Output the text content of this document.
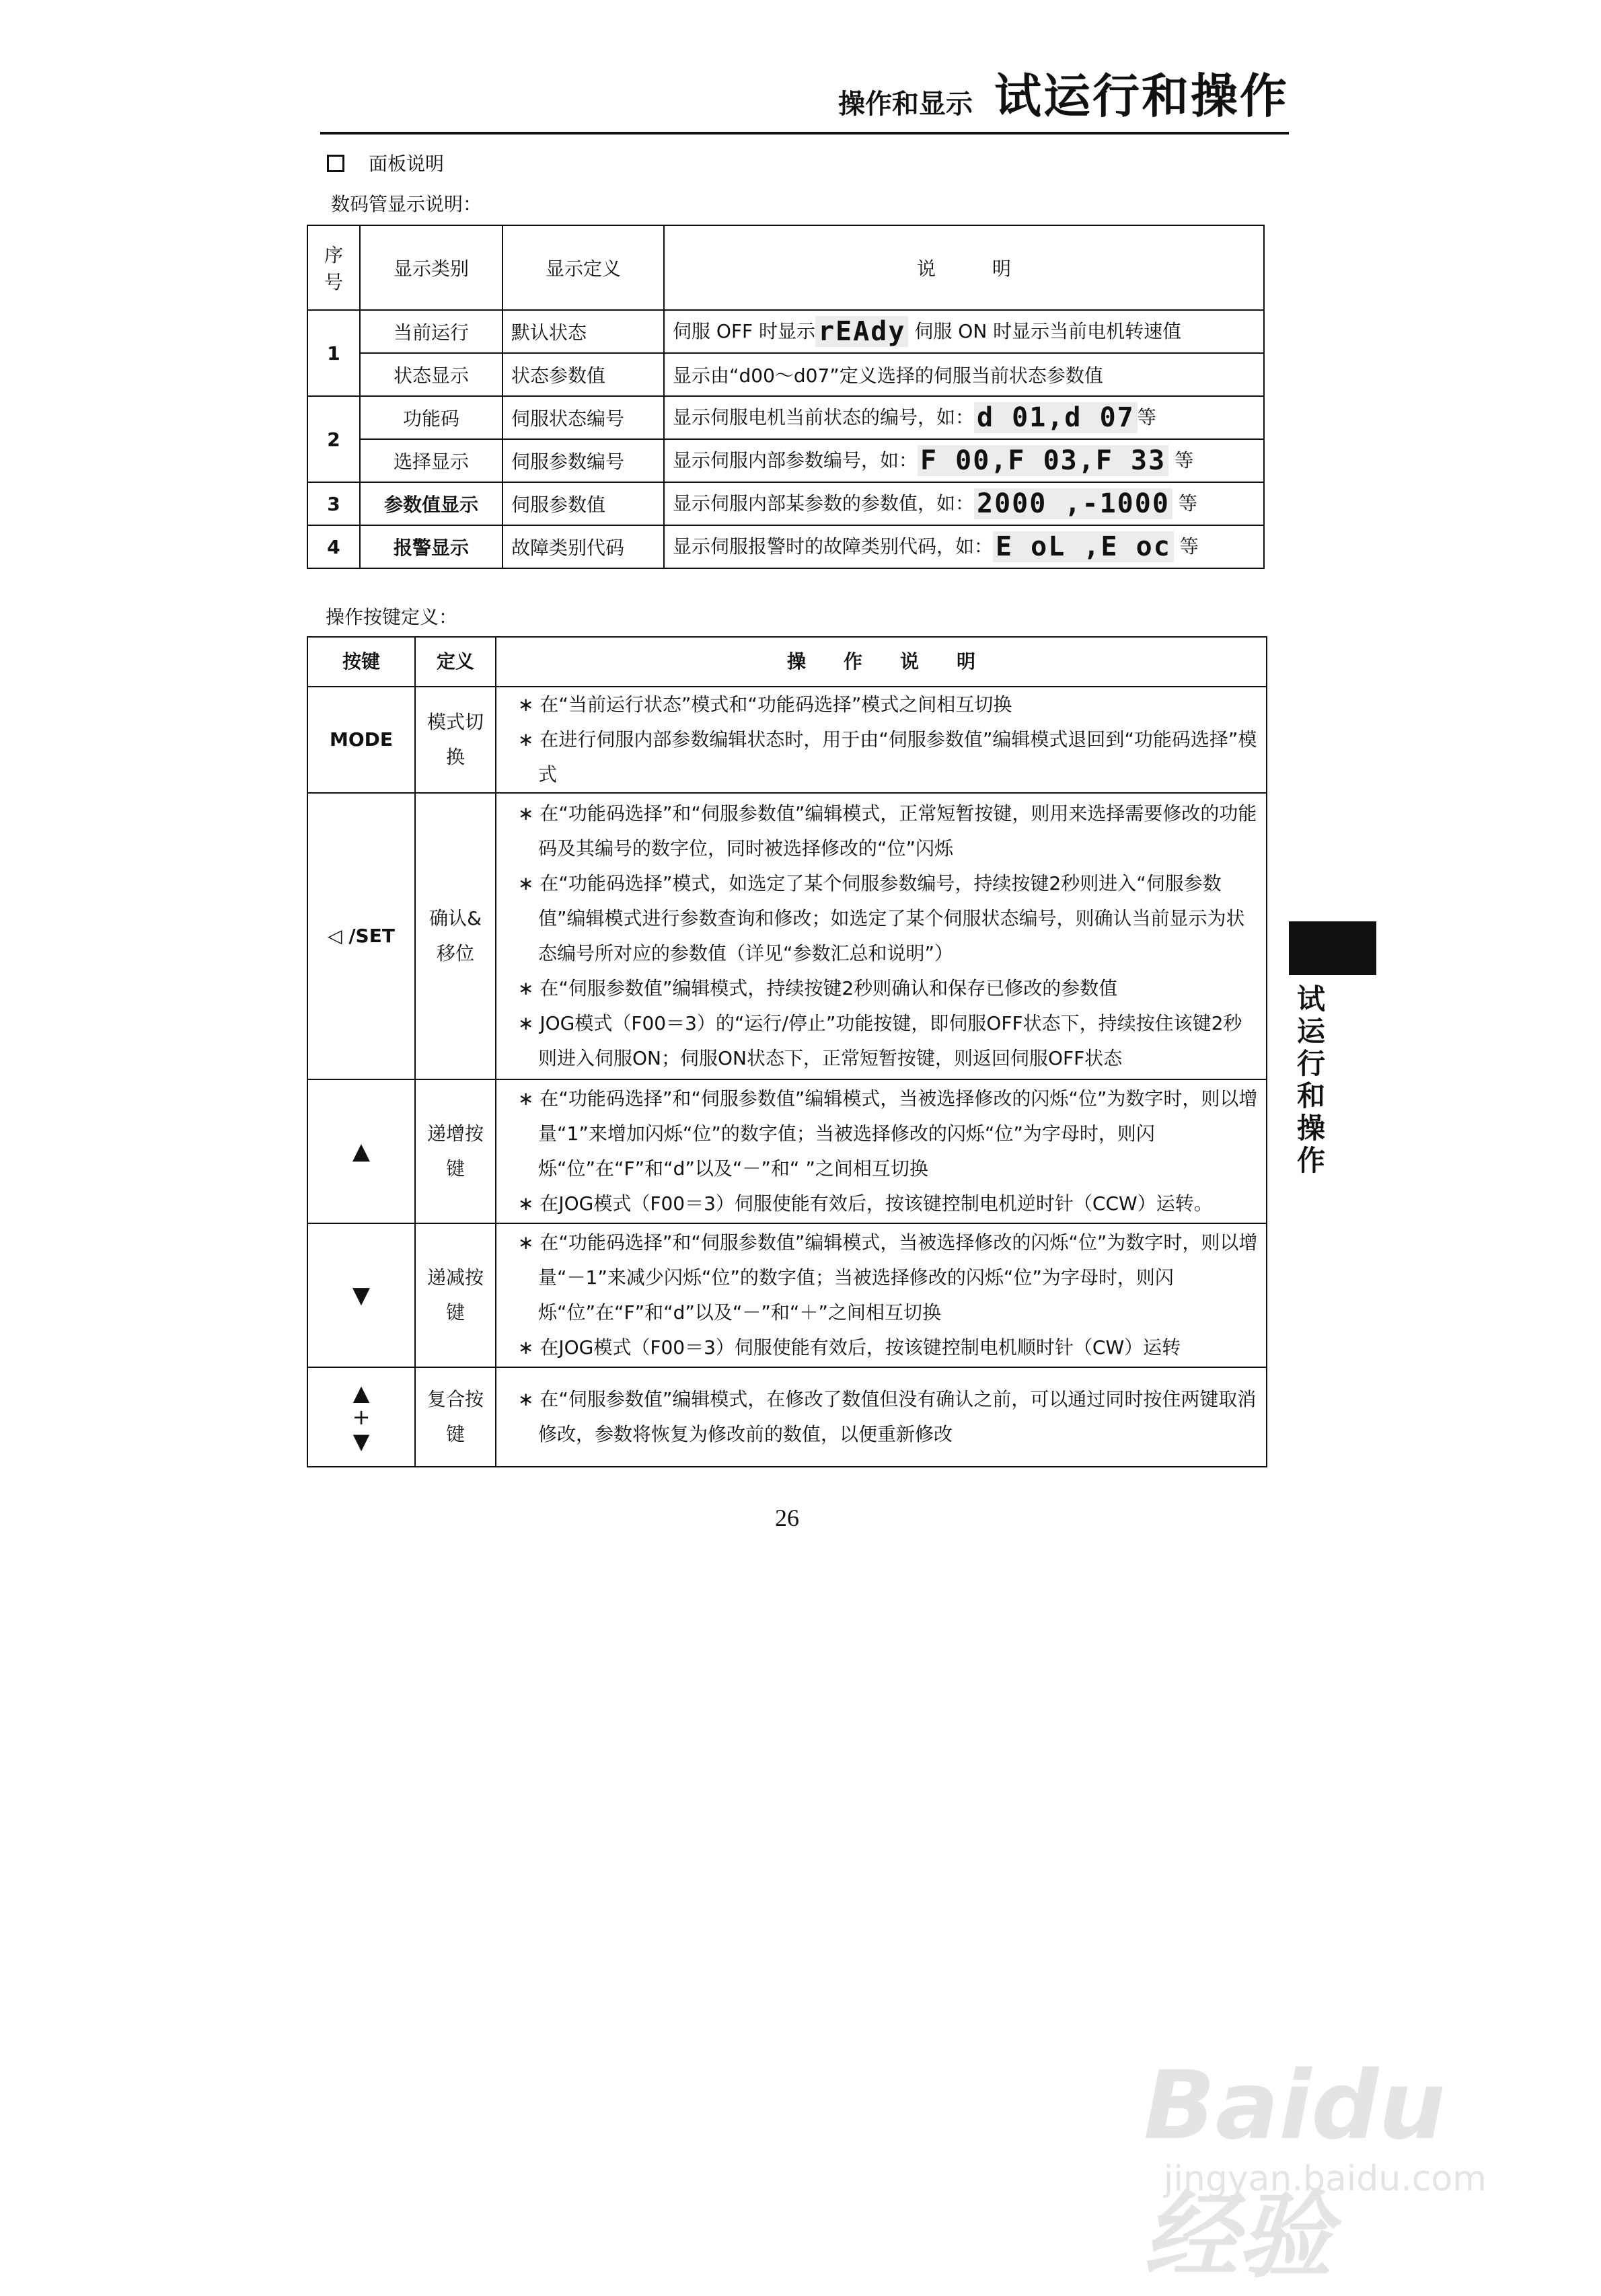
操作和显示 试运行和操作
面板说明
数码管显示说明：
序号	显示类别	显示定义	说　　　明
1	当前运行	默认状态	伺服 OFF 时显示 rEAdy 伺服 ON 时显示当前电机转速值
	状态显示	状态参数值	显示由“d00～d07”定义选择的伺服当前状态参数值
2	功能码	伺服状态编号	显示伺服电机当前状态的编号，如： d 01,d 07 等
	选择显示	伺服参数编号	显示伺服内部参数编号，如： F 00,F 03,F 33 等
3	参数值显示	伺服参数值	显示伺服内部某参数的参数值，如： 2000 ,-1000 等
4	报警显示	故障类别代码	显示伺服报警时的故障类别代码，如： E oL ,E oc 等
操作按键定义：
按键	定义	操　　作　　说　　明
MODE	模式切换	∗ 在“当前运行状态”模式和“功能码选择”模式之间相互切换
∗ 在进行伺服内部参数编辑状态时，用于由“伺服参数值”编辑模式退回到“功能码选择”模式

◁ /SET	确认&移位	∗ 在“功能码选择”和“伺服参数值”编辑模式，正常短暂按键，则用来选择需要修改的功能码及其编号的数字位，同时被选择修改的“位”闪烁
∗ 在“功能码选择”模式，如选定了某个伺服参数编号，持续按键2秒则进入“伺服参数值”编辑模式进行参数查询和修改；如选定了某个伺服状态编号，则确认当前显示为状态编号所对应的参数值（详见“参数汇总和说明”）
∗ 在“伺服参数值”编辑模式，持续按键2秒则确认和保存已修改的参数值
∗ JOG模式（F00＝3）的“运行/停止”功能按键，即伺服OFF状态下，持续按住该键2秒则进入伺服ON；伺服ON状态下，正常短暂按键，则返回伺服OFF状态

▲	递增按键	∗ 在“功能码选择”和“伺服参数值”编辑模式，当被选择修改的闪烁“位”为数字时，则以增量“1”来增加闪烁“位”的数字值；当被选择修改的闪烁“位”为字母时，则闪烁“位”在“F”和“d”以及“－”和“ ”之间相互切换
∗ 在JOG模式（F00＝3）伺服使能有效后，按该键控制电机逆时针（CCW）运转。

▼	递减按键	∗ 在“功能码选择”和“伺服参数值”编辑模式，当被选择修改的闪烁“位”为数字时，则以增量“－1”来减少闪烁“位”的数字值；当被选择修改的闪烁“位”为字母时，则闪烁“位”在“F”和“d”以及“－”和“＋”之间相互切换
∗ 在JOG模式（F00＝3）伺服使能有效后，按该键控制电机顺时针（CW）运转

▲
+
▼	复合按键	∗ 在“伺服参数值”编辑模式，在修改了数值但没有确认之前，可以通过同时按住两键取消修改，参数将恢复为修改前的数值，以便重新修改
试运行和操作
26
Baidu经验
jingyan.baidu.com
